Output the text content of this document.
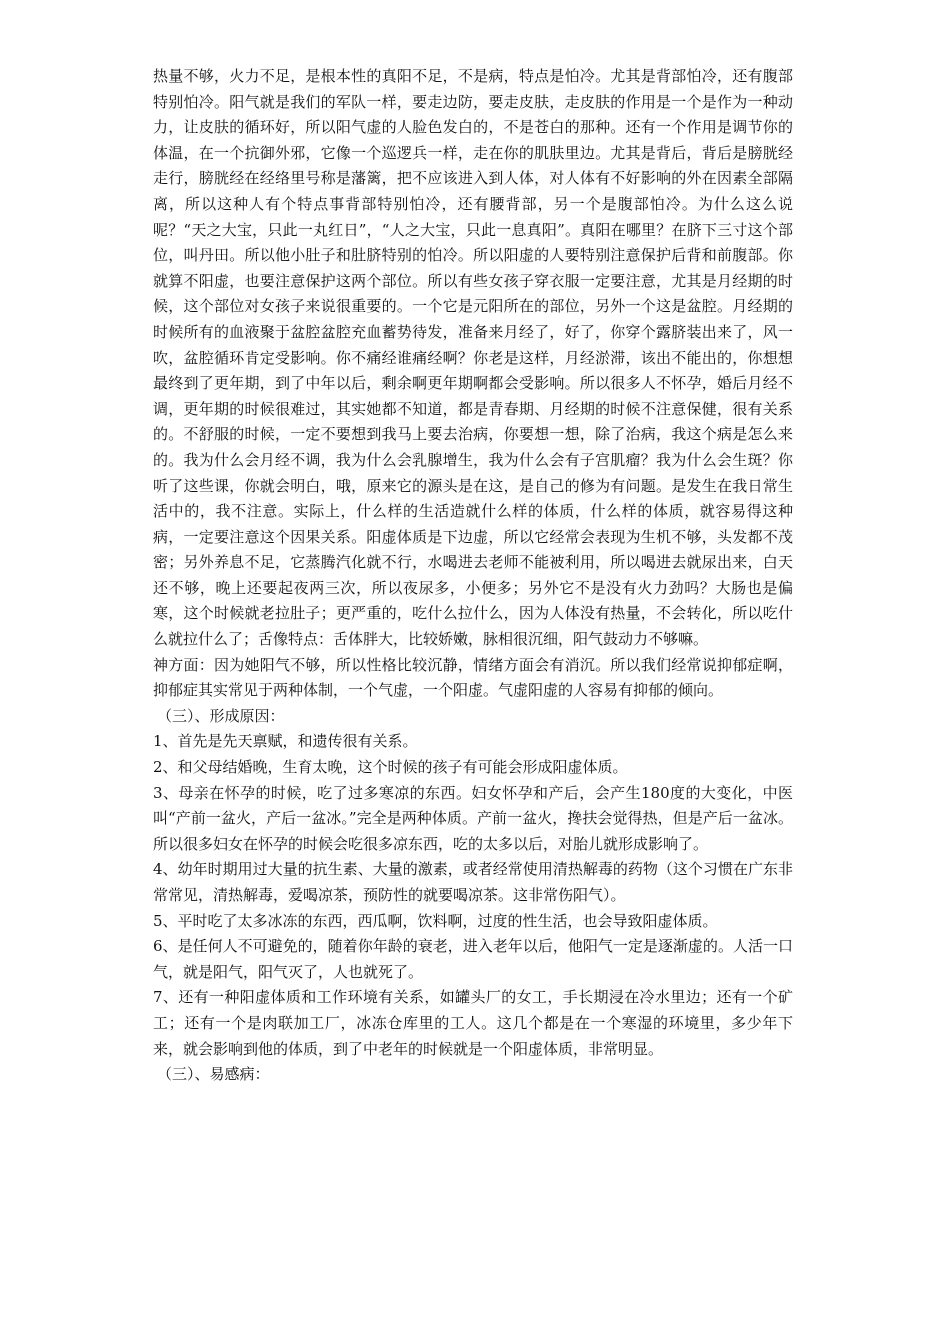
热量不够，火力不足，是根本性的真阳不足，不是病，特点是怕冷。尤其是背部怕冷，还有腹部特别怕冷。阳气就是我们的军队一样，要走边防，要走皮肤，走皮肤的作用是一个是作为一种动力，让皮肤的循环好，所以阳气虚的人脸色发白的，不是苍白的那种。还有一个作用是调节你的体温，在一个抗御外邪，它像一个巡逻兵一样，走在你的肌肤里边。尤其是背后，背后是膀胱经走行，膀胱经在经络里号称是藩篱，把不应该进入到人体，对人体有不好影响的外在因素全部隔离，所以这种人有个特点事背部特别怕冷，还有腰背部，另一个是腹部怕冷。为什么这么说呢？“天之大宝，只此一丸红日”，“人之大宝，只此一息真阳”。真阳在哪里？在脐下三寸这个部位，叫丹田。所以他小肚子和肚脐特别的怕冷。所以阳虚的人要特别注意保护后背和前腹部。你就算不阳虚，也要注意保护这两个部位。所以有些女孩子穿衣服一定要注意，尤其是月经期的时候，这个部位对女孩子来说很重要的。一个它是元阳所在的部位，另外一个这是盆腔。月经期的时候所有的血液聚于盆腔盆腔充血蓄势待发，准备来月经了，好了，你穿个露脐装出来了，风一吹，盆腔循环肯定受影响。你不痛经谁痛经啊？你老是这样，月经淤滞，该出不能出的，你想想最终到了更年期，到了中年以后，剩余啊更年期啊都会受影响。所以很多人不怀孕，婚后月经不调，更年期的时候很难过，其实她都不知道，都是青春期、月经期的时候不注意保健，很有关系的。不舒服的时候，一定不要想到我马上要去治病，你要想一想，除了治病，我这个病是怎么来的。我为什么会月经不调，我为什么会乳腺增生，我为什么会有子宫肌瘤？我为什么会生斑？你听了这些课，你就会明白，哦，原来它的源头是在这，是自己的修为有问题。是发生在我日常生活中的，我不注意。实际上，什么样的生活造就什么样的体质，什么样的体质，就容易得这种病，一定要注意这个因果关系。阳虚体质是下边虚，所以它经常会表现为生机不够，头发都不茂密；另外养息不足，它蒸腾汽化就不行，水喝进去老师不能被利用，所以喝进去就尿出来，白天还不够，晚上还要起夜两三次，所以夜尿多，小便多；另外它不是没有火力劲吗？大肠也是偏寒，这个时候就老拉肚子；更严重的，吃什么拉什么，因为人体没有热量，不会转化，所以吃什么就拉什么了；舌像特点：舌体胖大，比较娇嫩，脉相很沉细，阳气鼓动力不够嘛。

神方面：因为她阳气不够，所以性格比较沉静，情绪方面会有消沉。所以我们经常说抑郁症啊，抑郁症其实常见于两种体制，一个气虚，一个阳虚。气虚阳虚的人容易有抑郁的倾向。

（三）、形成原因：

1、首先是先天禀赋，和遗传很有关系。

2、和父母结婚晚，生育太晚，这个时候的孩子有可能会形成阳虚体质。

3、母亲在怀孕的时候，吃了过多寒凉的东西。妇女怀孕和产后，会产生180度的大变化，中医叫“产前一盆火，产后一盆冰。”完全是两种体质。产前一盆火，搀扶会觉得热，但是产后一盆冰。所以很多妇女在怀孕的时候会吃很多凉东西，吃的太多以后，对胎儿就形成影响了。

4、幼年时期用过大量的抗生素、大量的激素，或者经常使用清热解毒的药物（这个习惯在广东非常常见，清热解毒，爱喝凉茶，预防性的就要喝凉茶。这非常伤阳气）。

5、平时吃了太多冰冻的东西，西瓜啊，饮料啊，过度的性生活，也会导致阳虚体质。

6、是任何人不可避免的，随着你年龄的衰老，进入老年以后，他阳气一定是逐渐虚的。人活一口气，就是阳气，阳气灭了，人也就死了。

7、还有一种阳虚体质和工作环境有关系，如罐头厂的女工，手长期浸在冷水里边；还有一个矿工；还有一个是肉联加工厂，冰冻仓库里的工人。这几个都是在一个寒湿的环境里，多少年下来，就会影响到他的体质，到了中老年的时候就是一个阳虚体质，非常明显。

（三）、易感病：
